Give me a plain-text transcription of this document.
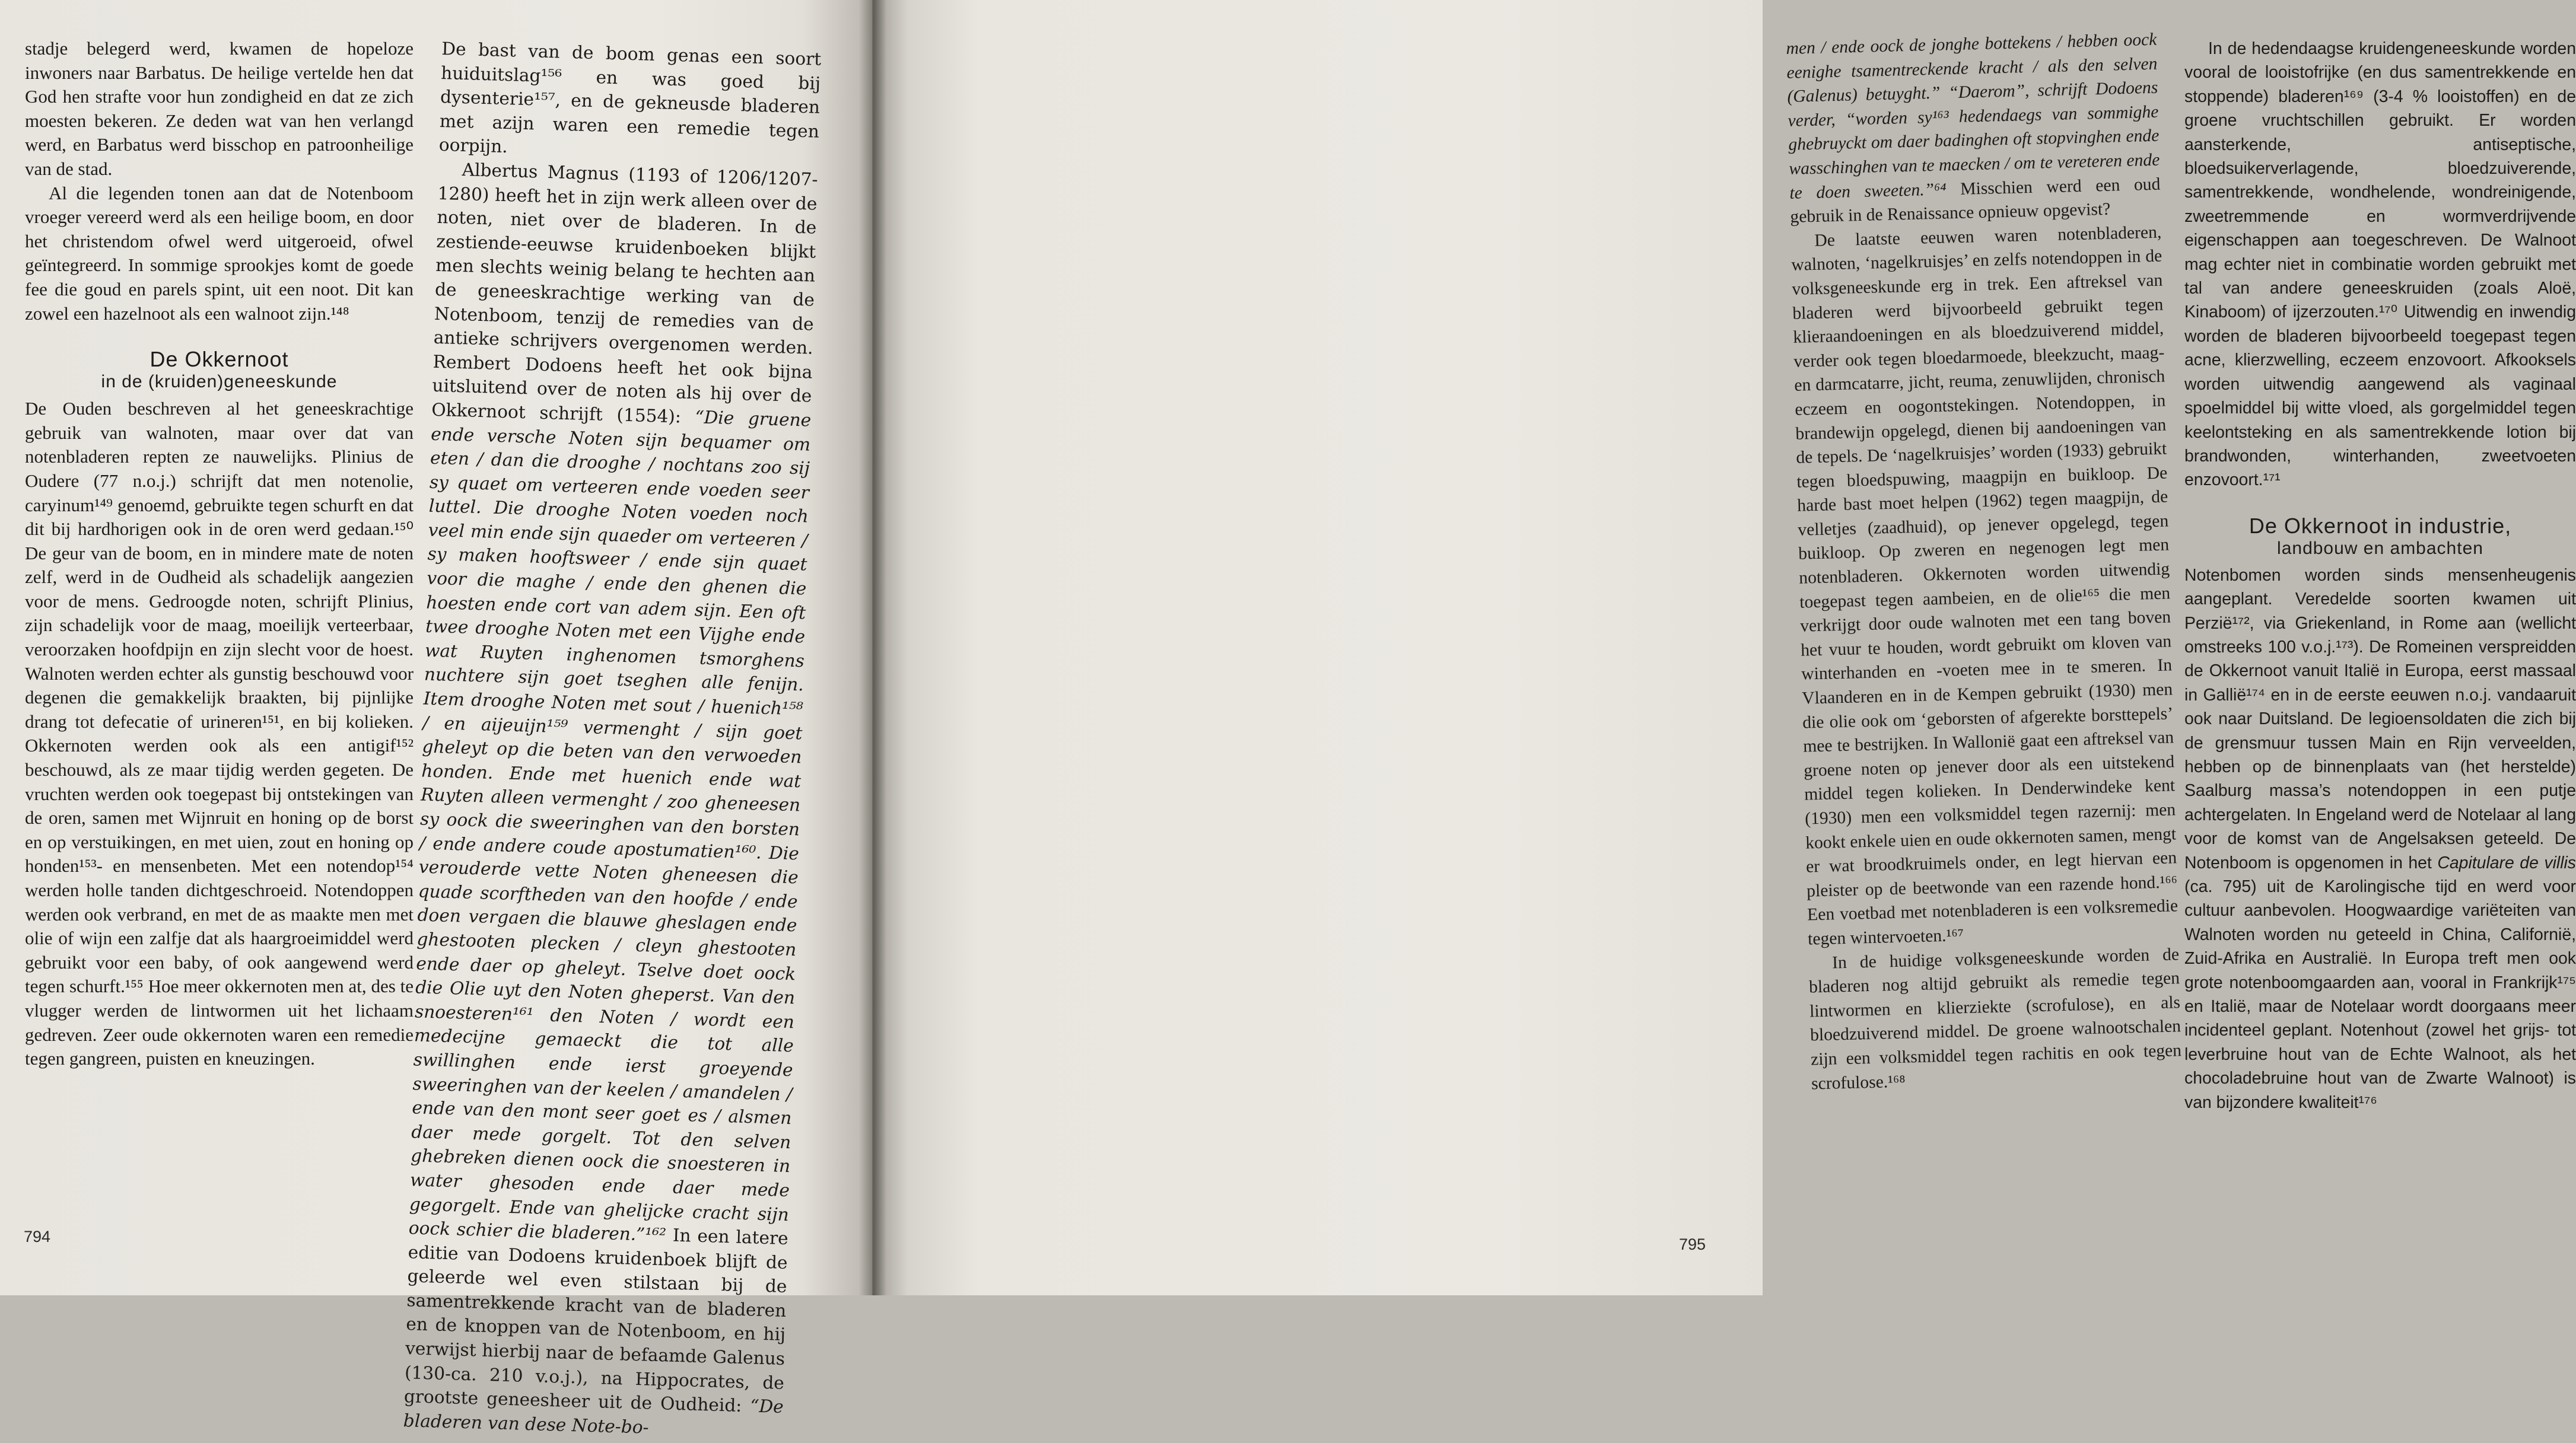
stadje belegerd werd, kwamen de hopeloze inwoners naar Barbatus. De heilige vertelde hen dat God hen strafte voor hun zondigheid en dat ze zich moesten bekeren. Ze deden wat van hen verlangd werd, en Barbatus werd bisschop en patroonheilige van de stad.

Al die legenden tonen aan dat de Notenboom vroeger vereerd werd als een heilige boom, en door het christendom ofwel werd uitgeroeid, ofwel geïntegreerd. In sommige sprookjes komt de goede fee die goud en parels spint, uit een noot. Dit kan zowel een hazelnoot als een walnoot zijn.¹⁴⁸

De Okkernoot
in de (kruiden)geneeskunde

De Ouden beschreven al het geneeskrachtige gebruik van walnoten, maar over dat van notenbladeren repten ze nauwelijks. Plinius de Oudere (77 n.o.j.) schrijft dat men notenolie, caryinum¹⁴⁹ genoemd, gebruikte tegen schurft en dat dit bij hardhorigen ook in de oren werd gedaan.¹⁵⁰ De geur van de boom, en in mindere mate de noten zelf, werd in de Oudheid als schadelijk aangezien voor de mens. Gedroogde noten, schrijft Plinius, zijn schadelijk voor de maag, moeilijk verteerbaar, veroorzaken hoofdpijn en zijn slecht voor de hoest. Walnoten werden echter als gunstig beschouwd voor degenen die gemakkelijk braakten, bij pijnlijke drang tot defecatie of urineren¹⁵¹, en bij kolieken. Okkernoten werden ook als een antigif¹⁵² beschouwd, als ze maar tijdig werden gegeten. De vruchten werden ook toegepast bij ontstekingen van de oren, samen met Wijnruit en honing op de borst en op verstuikingen, en met uien, zout en honing op honden¹⁵³- en mensenbeten. Met een notendop¹⁵⁴ werden holle tanden dichtgeschroeid. Notendoppen werden ook verbrand, en met de as maakte men met olie of wijn een zalfje dat als haargroeimiddel werd gebruikt voor een baby, of ook aangewend werd tegen schurft.¹⁵⁵ Hoe meer okkernoten men at, des te vlugger werden de lintwormen uit het lichaam gedreven. Zeer oude okkernoten waren een remedie tegen gangreen, puisten en kneuzingen.

De bast van de boom genas een soort huiduitslag¹⁵⁶ en was goed bij dysenterie¹⁵⁷, en de gekneusde bladeren met azijn waren een remedie tegen oorpijn.

Albertus Magnus (1193 of 1206/1207-1280) heeft het in zijn werk alleen over de noten, niet over de bladeren. In de zestiende-eeuwse kruidenboeken blijkt men slechts weinig belang te hechten aan de geneeskrachtige werking van de Notenboom, tenzij de remedies van de antieke schrijvers overgenomen werden. Rembert Dodoens heeft het ook bijna uitsluitend over de noten als hij over de Okkernoot schrijft (1554): “Die gruene ende versche Noten sijn bequamer om eten / dan die drooghe / nochtans zoo sij sy quaet om verteeren ende voeden seer luttel. Die drooghe Noten voeden noch veel min ende sijn quaeder om verteeren / sy maken hooftsweer / ende sijn quaet voor die maghe / ende den ghenen die hoesten ende cort van adem sijn. Een oft twee drooghe Noten met een Vijghe ende wat Ruyten inghenomen tsmorghens nuchtere sijn goet tseghen alle fenijn. Item drooghe Noten met sout / huenich¹⁵⁸ / en aijeuijn¹⁵⁹ vermenght / sijn goet gheleyt op die beten van den verwoeden honden. Ende met huenich ende wat Ruyten alleen vermenght / zoo gheneesen sy oock die sweeringhen van den borsten / ende andere coude apostumatien¹⁶⁰. Die verouderde vette Noten gheneesen die quade scorftheden van den hoofde / ende doen vergaen die blauwe gheslagen ende ghestooten plecken / cleyn ghestooten ende daer op gheleyt. Tselve doet oock die Olie uyt den Noten gheperst. Van den snoesteren¹⁶¹ den Noten / wordt een medecijne gemaeckt die tot alle swillinghen ende ierst groeyende sweeringhen van der keelen / amandelen / ende van den mont seer goet es / alsmen daer mede gorgelt. Tot den selven ghebreken dienen oock die snoesteren in water ghesoden ende daer mede gegorgelt. Ende van ghelijcke cracht sijn oock schier die bladeren.”¹⁶² In een latere editie van Dodoens kruidenboek blijft de geleerde wel even stilstaan bij de samentrekkende kracht van de bladeren en de knoppen van de Notenboom, en hij verwijst hierbij naar de befaamde Galenus (130-ca. 210 v.o.j.), na Hippocrates, de grootste geneesheer uit de Oudheid: “De bladeren van dese Note-bo-

794

men / ende oock de jonghe bottekens / hebben oock eenighe tsamentreckende kracht / als den selven (Galenus) betuyght.” “Daerom”, schrijft Dodoens verder, “worden sy¹⁶³ hedendaegs van sommighe ghebruyckt om daer badinghen oft stopvinghen ende wasschinghen van te maecken / om te vereteren ende te doen sweeten.”⁶⁴ Misschien werd een oud gebruik in de Renaissance opnieuw opgevist?

De laatste eeuwen waren notenbladeren, walnoten, ‘nagelkruisjes’ en zelfs notendoppen in de volksgeneeskunde erg in trek. Een aftreksel van bladeren werd bijvoorbeeld gebruikt tegen klieraandoeningen en als bloedzuiverend middel, verder ook tegen bloedarmoede, bleekzucht, maag- en darmcatarre, jicht, reuma, zenuwlijden, chronisch eczeem en oogontstekingen. Notendoppen, in brandewijn opgelegd, dienen bij aandoeningen van de tepels. De ‘nagelkruisjes’ worden (1933) gebruikt tegen bloedspuwing, maagpijn en buikloop. De harde bast moet helpen (1962) tegen maagpijn, de velletjes (zaadhuid), op jenever opgelegd, tegen buikloop. Op zweren en negenogen legt men notenbladeren. Okkernoten worden uitwendig toegepast tegen aambeien, en de olie¹⁶⁵ die men verkrijgt door oude walnoten met een tang boven het vuur te houden, wordt gebruikt om kloven van winterhanden en -voeten mee in te smeren. In Vlaanderen en in de Kempen gebruikt (1930) men die olie ook om ‘geborsten of afgerekte borsttepels’ mee te bestrijken. In Wallonië gaat een aftreksel van groene noten op jenever door als een uitstekend middel tegen kolieken. In Denderwindeke kent (1930) men een volksmiddel tegen razernij: men kookt enkele uien en oude okkernoten samen, mengt er wat broodkruimels onder, en legt hiervan een pleister op de beetwonde van een razende hond.¹⁶⁶ Een voetbad met notenbladeren is een volksremedie tegen wintervoeten.¹⁶⁷

In de huidige volksgeneeskunde worden de bladeren nog altijd gebruikt als remedie tegen lintwormen en klierziekte (scrofulose), en als bloedzuiverend middel. De groene walnootschalen zijn een volksmiddel tegen rachitis en ook tegen scrofulose.¹⁶⁸

In de hedendaagse kruidengeneeskunde worden vooral de looistofrijke (en dus samentrekkende en stoppende) bladeren¹⁶⁹ (3-4 % looistoffen) en de groene vruchtschillen gebruikt. Er worden aansterkende, antiseptische, bloedsuikerverlagende, bloedzuiverende, samentrekkende, wondhelende, wondreinigende, zweetremmende en wormverdrijvende eigenschappen aan toegeschreven. De Walnoot mag echter niet in combinatie worden gebruikt met tal van andere geneeskruiden (zoals Aloë, Kinaboom) of ijzerzouten.¹⁷⁰ Uitwendig en inwendig worden de bladeren bijvoorbeeld toegepast tegen acne, klierzwelling, eczeem enzovoort. Afkooksels worden uitwendig aangewend als vaginaal spoelmiddel bij witte vloed, als gorgelmiddel tegen keelontsteking en als samentrekkende lotion bij brandwonden, winterhanden, zweetvoeten enzovoort.¹⁷¹

De Okkernoot in industrie,
landbouw en ambachten

Notenbomen worden sinds mensenheugenis aangeplant. Veredelde soorten kwamen uit Perzië¹⁷², via Griekenland, in Rome aan (wellicht omstreeks 100 v.o.j.¹⁷³). De Romeinen verspreidden de Okkernoot vanuit Italië in Europa, eerst massaal in Gallië¹⁷⁴ en in de eerste eeuwen n.o.j. vandaaruit ook naar Duitsland. De legioensoldaten die zich bij de grensmuur tussen Main en Rijn verveelden, hebben op de binnenplaats van (het herstelde) Saalburg massa’s notendoppen in een putje achtergelaten. In Engeland werd de Notelaar al lang voor de komst van de Angelsaksen geteeld. De Notenboom is opgenomen in het Capitulare de villis (ca. 795) uit de Karolingische tijd en werd voor cultuur aanbevolen. Hoogwaardige variëteiten van Walnoten worden nu geteeld in China, Californië, Zuid-Afrika en Australië. In Europa treft men ook grote notenboomgaarden aan, vooral in Frankrijk¹⁷⁵ en Italië, maar de Notelaar wordt doorgaans meer incidenteel geplant. Notenhout (zowel het grijs- tot leverbruine hout van de Echte Walnoot, als het chocoladebruine hout van de Zwarte Walnoot) is van bijzondere kwaliteit¹⁷⁶

795
